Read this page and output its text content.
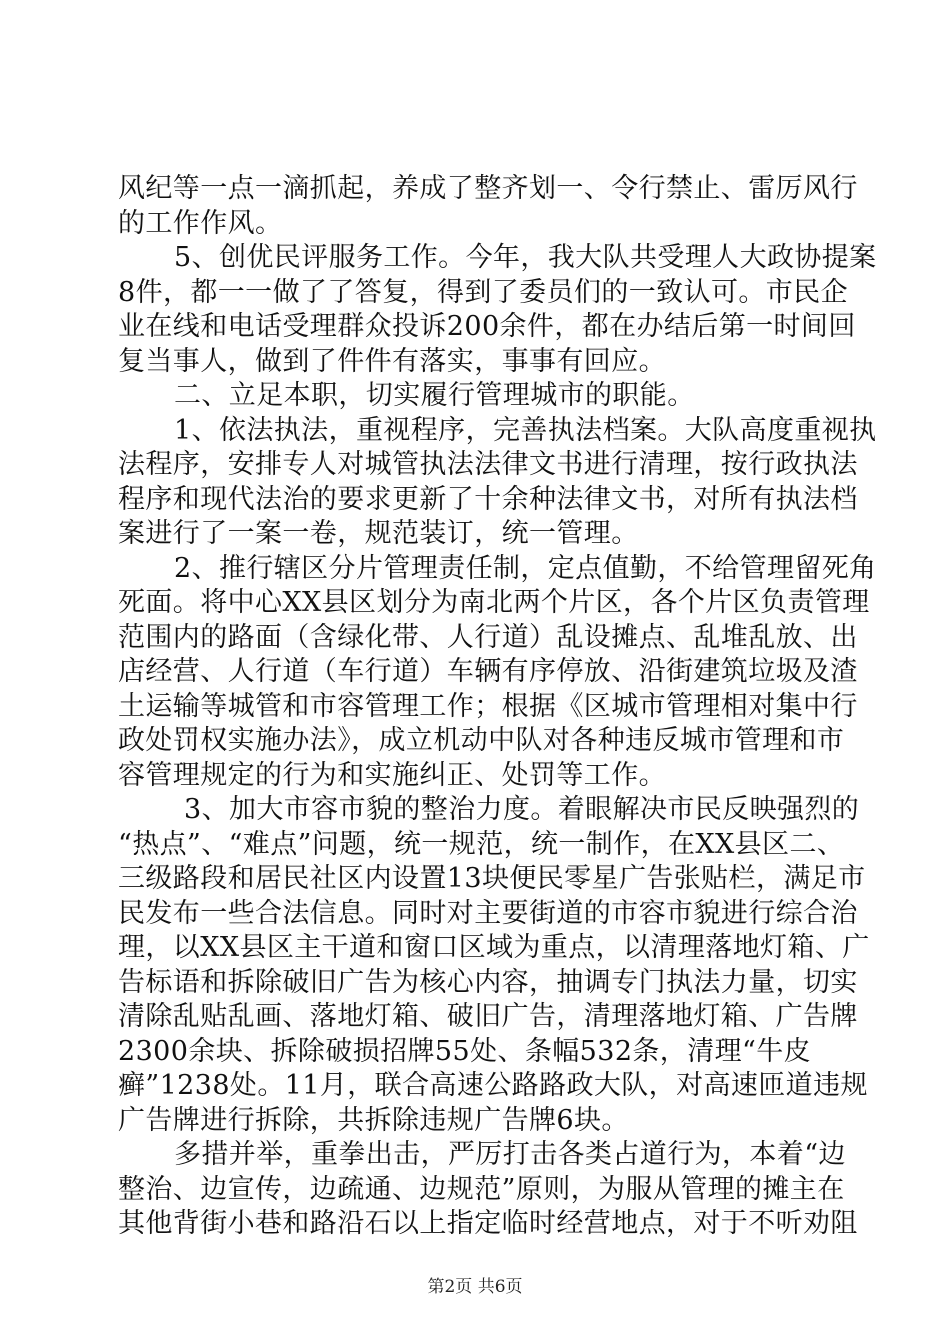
风纪等一点一滴抓起，养成了整齐划一、令行禁止、雷厉风行
的工作作风。
5、创优民评服务工作。今年，我大队共受理人大政协提案
8件，都一一做了了答复，得到了委员们的一致认可。市民企
业在线和电话受理群众投诉200余件，都在办结后第一时间回
复当事人，做到了件件有落实，事事有回应。
二、立足本职，切实履行管理城市的职能。
1、依法执法，重视程序，完善执法档案。大队高度重视执
法程序，安排专人对城管执法法律文书进行清理，按行政执法
程序和现代法治的要求更新了十余种法律文书，对所有执法档
案进行了一案一卷，规范装订，统一管理。
2、推行辖区分片管理责任制，定点值勤，不给管理留死角
死面。将中心XX县区划分为南北两个片区，各个片区负责管理
范围内的路面（含绿化带、人行道）乱设摊点、乱堆乱放、出
店经营、人行道（车行道）车辆有序停放、沿街建筑垃圾及渣
土运输等城管和市容管理工作；根据《区城市管理相对集中行
政处罚权实施办法》，成立机动中队对各种违反城市管理和市
容管理规定的行为和实施纠正、处罚等工作。
3、加大市容市貌的整治力度。着眼解决市民反映强烈的
“热点”、“难点”问题，统一规范，统一制作，在XX县区二、
三级路段和居民社区内设置13块便民零星广告张贴栏，满足市
民发布一些合法信息。同时对主要街道的市容市貌进行综合治
理，以XX县区主干道和窗口区域为重点，以清理落地灯箱、广
告标语和拆除破旧广告为核心内容，抽调专门执法力量，切实
清除乱贴乱画、落地灯箱、破旧广告，清理落地灯箱、广告牌
2300余块、拆除破损招牌55处、条幅532条，清理“牛皮
癣”1238处。11月，联合高速公路路政大队，对高速匝道违规
广告牌进行拆除，共拆除违规广告牌6块。
多措并举，重拳出击，严厉打击各类占道行为，本着“边
整治、边宣传，边疏通、边规范”原则，为服从管理的摊主在
其他背街小巷和路沿石以上指定临时经营地点，对于不听劝阻
第2页 共6页
